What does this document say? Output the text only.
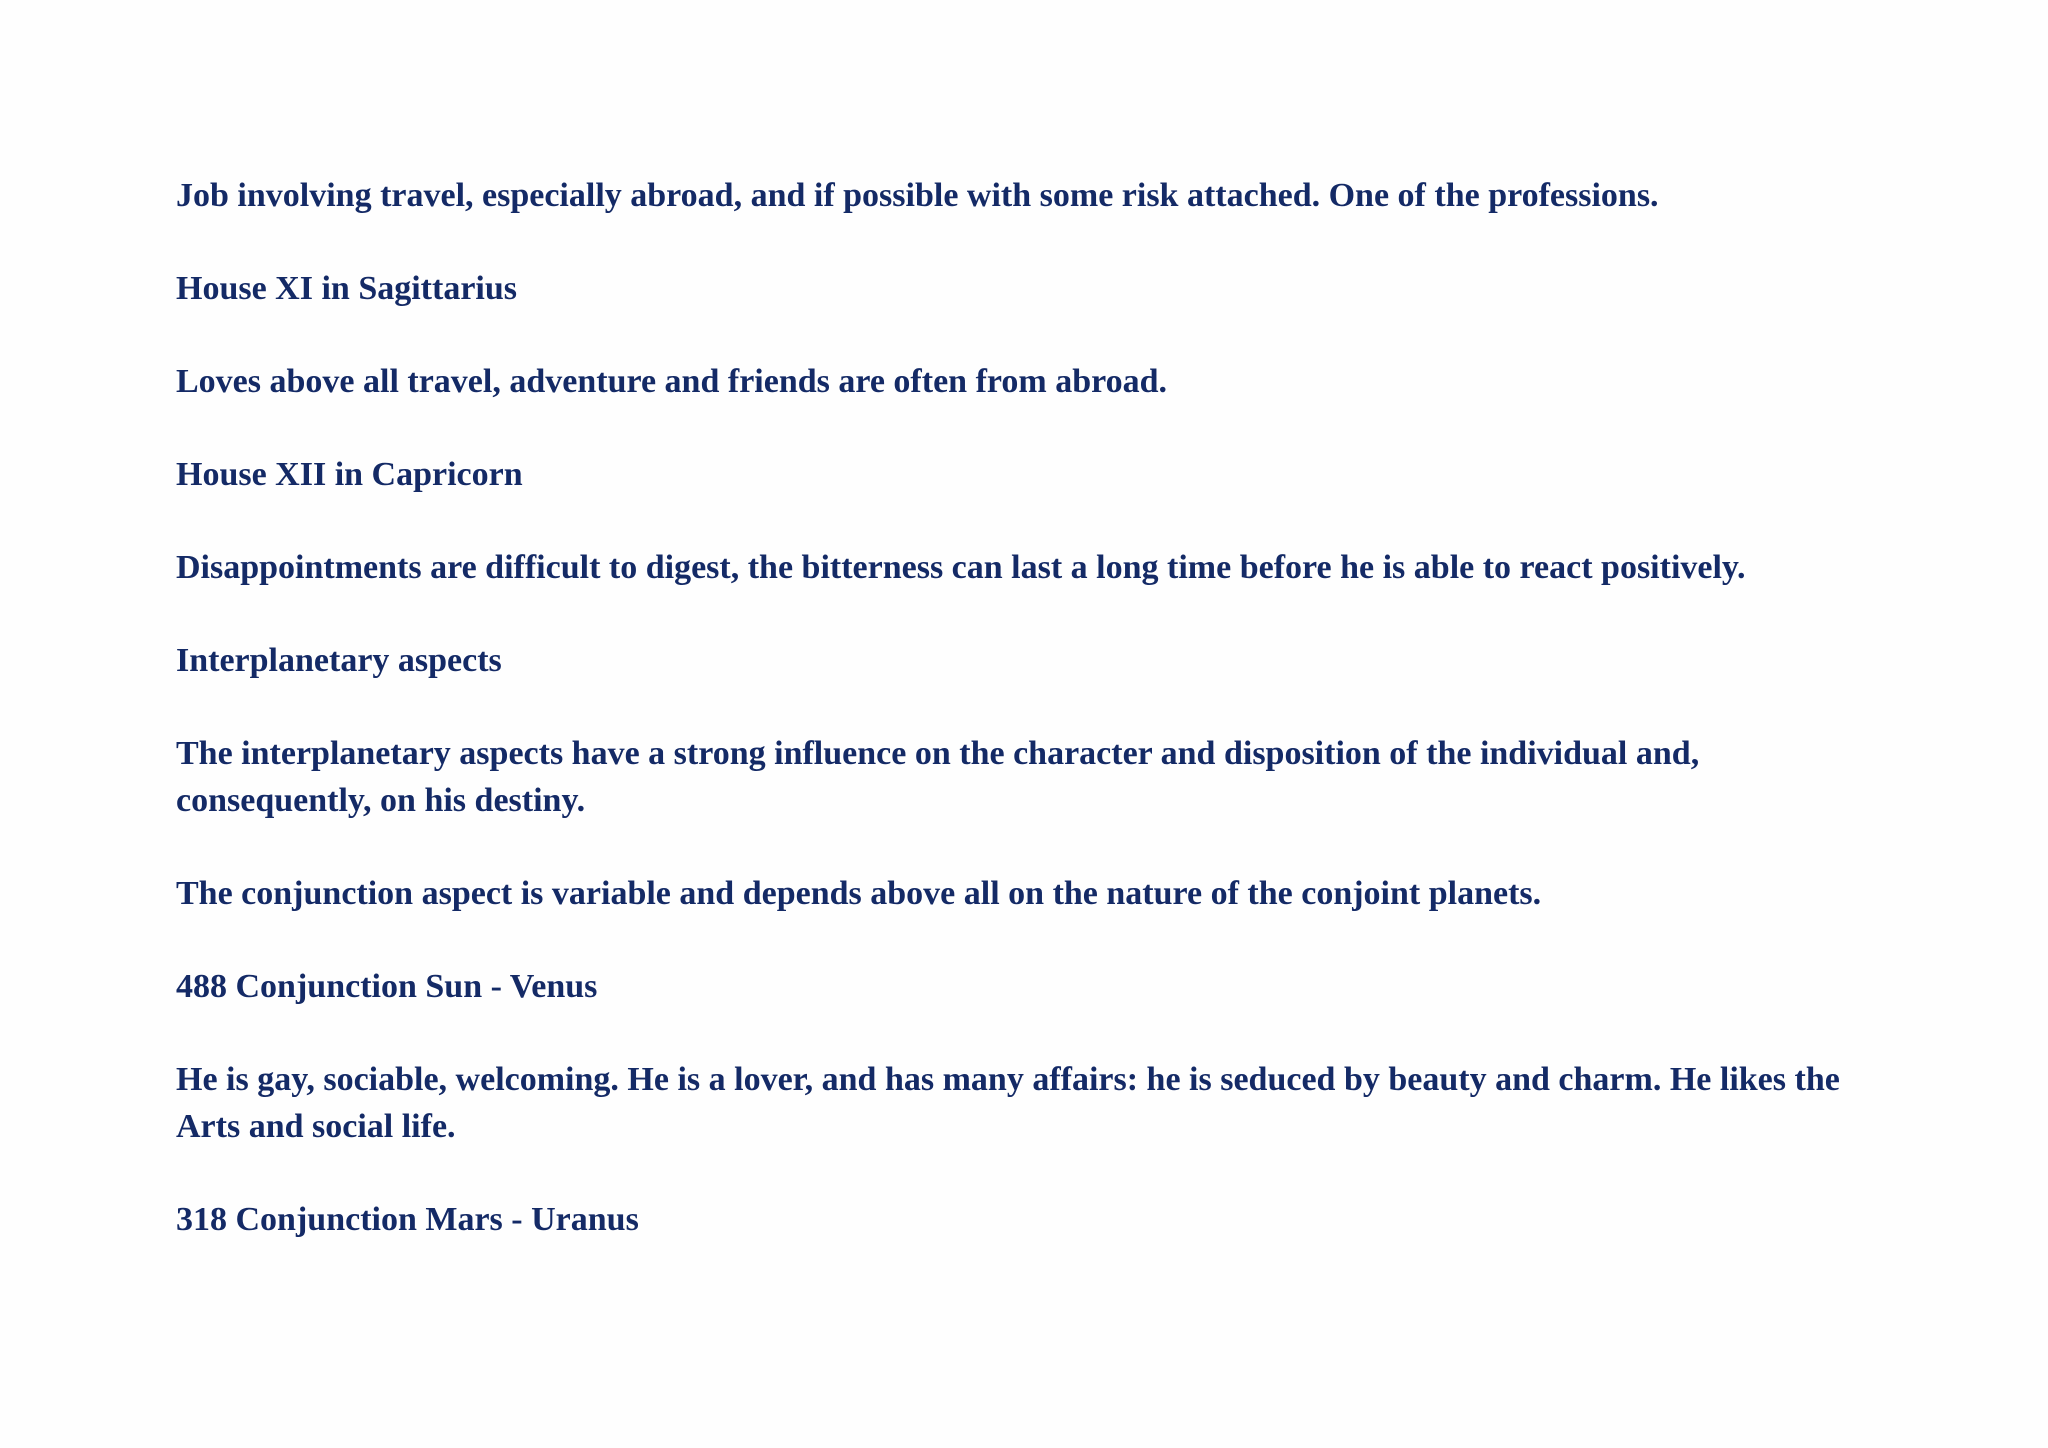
Job involving travel, especially abroad, and if possible with some risk attached. One of the professions.

House XI in Sagittarius

Loves above all travel, adventure and friends are often from abroad.

House XII in Capricorn

Disappointments are difficult to digest, the bitterness can last a long time before he is able to react positively.

Interplanetary aspects

The interplanetary aspects have a strong influence on the character and disposition of the individual and, consequently, on his destiny.

The conjunction aspect is variable and depends above all on the nature of the conjoint planets.

488 Conjunction Sun - Venus

He is gay, sociable, welcoming. He is a lover, and has many affairs: he is seduced by beauty and charm. He likes the Arts and social life.

318 Conjunction Mars - Uranus
